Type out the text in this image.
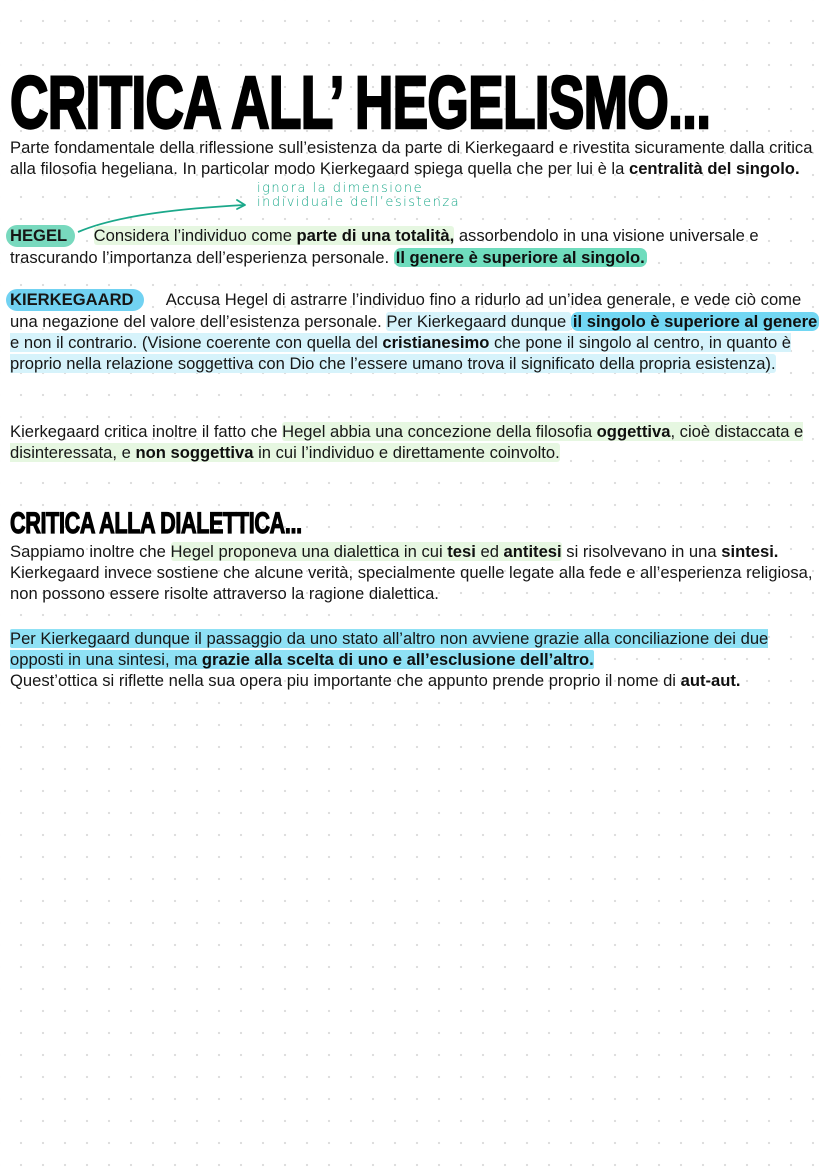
CRITICA ALL’ HEGELISMO...
Parte fondamentale della riflessione sull’esistenza da parte di Kierkegaard e rivestita sicuramente dalla critica alla filosofia hegeliana. In particolar modo Kierkegaard spiega quella che per lui è la centralità del singolo.
ignora la dimensione
individuale dell’esistenza
HEGEL Considera l’individuo come parte di una totalità, assorbendolo in una visione universale e trascurando l’importanza dell’esperienza personale. Il genere è superiore al singolo.
KIERKEGAARD Accusa Hegel di astrarre l’individuo fino a ridurlo ad un’idea generale, e vede ciò come una negazione del valore dell’esistenza personale. Per Kierkegaard dunque il singolo è superiore al genere e non il contrario. (Visione coerente con quella del cristianesimo che pone il singolo al centro, in quanto è proprio nella relazione soggettiva con Dio che l’essere umano trova il significato della propria esistenza).
Kierkegaard critica inoltre il fatto che Hegel abbia una concezione della filosofia oggettiva, cioè distaccata e disinteressata, e non soggettiva in cui l’individuo e direttamente coinvolto.
CRITICA ALLA DIALETTICA...
Sappiamo inoltre che Hegel proponeva una dialettica in cui tesi ed antitesi si risolvevano in una sintesi. Kierkegaard invece sostiene che alcune verità, specialmente quelle legate alla fede e all’esperienza religiosa, non possono essere risolte attraverso la ragione dialettica.
Per Kierkegaard dunque il passaggio da uno stato all’altro non avviene grazie alla conciliazione dei due opposti in una sintesi, ma grazie alla scelta di uno e all’esclusione dell’altro.
Quest’ottica si riflette nella sua opera piu importante che appunto prende proprio il nome di aut-aut.
